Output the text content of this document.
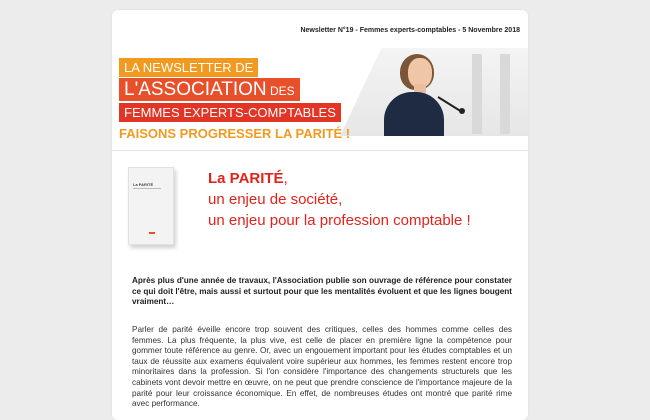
Newsletter N°19 - Femmes experts-comptables - 5 Novembre 2018
LA NEWSLETTER DE
L'ASSOCIATION DES
FEMMES EXPERTS-COMPTABLES
FAISONS PROGRESSER LA PARITÉ !
La PARITÉ	La PARITÉ,
un enjeu de société,
un enjeu pour la profession comptable !
Après plus d'une année de travaux, l'Association publie son ouvrage de référence pour constater ce qui doit l'être, mais aussi et surtout pour que les mentalités évoluent et que les lignes bougent vraiment…
Parler de parité éveille encore trop souvent des critiques, celles des hommes comme celles des femmes. La plus fréquente, la plus vive, est celle de placer en première ligne la compétence pour gommer toute référence au genre. Or, avec un engouement important pour les études comptables et un taux de réussite aux examens équivalent voire supérieur aux hommes, les femmes restent encore trop minoritaires dans la profession. Si l'on considère l'importance des changements structurels que les cabinets vont devoir mettre en œuvre, on ne peut que prendre conscience de l'importance majeure de la parité pour leur croissance économique. En effet, de nombreuses études ont montré que parité rime avec performance.
